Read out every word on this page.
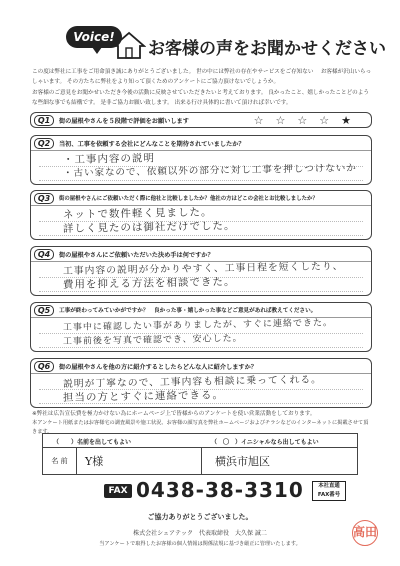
Voice!
お客様の声をお聞かせください

この度は弊社に工事をご用命頂き誠にありがとうございました。 世の中には弊社の存在やサービスをご存知ない 　お客様が沢山いらっしゃいます。 その方たちに弊社をより知って頂くためのアンケートにご協力頂けないでしょうか。

お客様のご意見をお聞かせいただき今後の活動に反映させていただきたいと考えております。 良かったこと、嬉しかったことどのような些細な事でも結構です。 是非ご協力お願い致します。 出来る行け具体的に書いて頂ければ幸いです。

Q1	街の屋根やさんを５段階で評価をお願いします	☆☆☆☆★
Q2	当初、工事を依頼する会社にどんなことを期待されていましたか？
・工事内容の説明
・古い家なので、依頼以外の部分に対し工事を押しつけないか
Q3	街の屋根やさんにご依頼いただく際に他社と比較しましたか？他社の方はどこの会社とお比較しましたか？
ネットで数件軽く見ました。
詳しく見たのは御社だけでした。
Q4	街の屋根やさんにご依頼いただいた決め手は何ですか？
工事内容の説明が分かりやすく、工事日程を短くしたり、
費用を抑える方法を相談できた。
Q5	工事が終わってみていかがですか？　良かった事・嬉しかった事などご意見があれば教えてください。
工事中に確認したい事がありましたが、すぐに連絡できた。
工事前後を写真で確認でき、安心した。
Q6	街の屋根やさんを他の方に紹介するとしたらどんな人に紹介しますか？
説明が丁寧なので、工事内容も相談に乗ってくれる。
担当の方とすぐに連絡できる。

※弊社は広告宣伝費を極力かけない為にホームページ上で皆様からのアンケートを使い営業活動をしております。

本アンケート用紙またはお客様宅の調査風景や施工状況、お客様の顔写真を弊社ホームページおよびチラシなどのインターネットに掲載させて頂きます。

（　　）名前を出してもよい	（　〇　）イニシャルなら出してもよい
名 前	Y様	横浜市旭区
FAX 0438-38-3310	本社直通
FAX番号
ご協力ありがとうございました。
株式会社シェアテック　代表取締役　大久保 誠二
当アンケートで取得したお客様の個人情報は関係法規に基づき厳正に管理いたします。
高田
